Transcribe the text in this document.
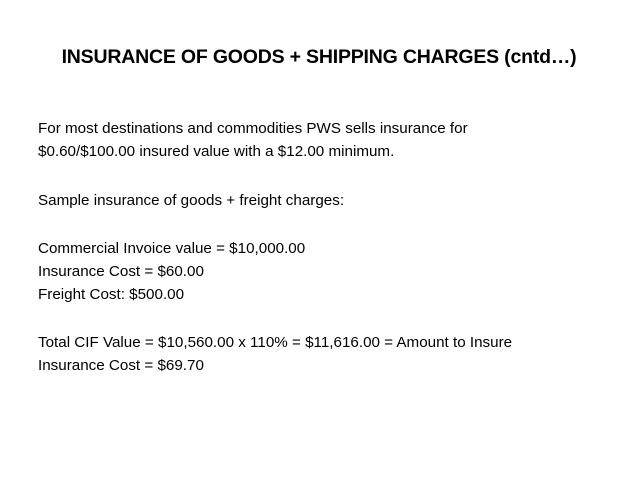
INSURANCE OF GOODS + SHIPPING CHARGES (cntd…)
For most destinations and commodities PWS sells insurance for
$0.60/$100.00 insured value with a $12.00 minimum.
Sample insurance of goods + freight charges:
Commercial Invoice value = $10,000.00
Insurance Cost = $60.00
Freight Cost: $500.00
Total CIF Value = $10,560.00 x 110% = $11,616.00 = Amount to Insure
Insurance Cost = $69.70
